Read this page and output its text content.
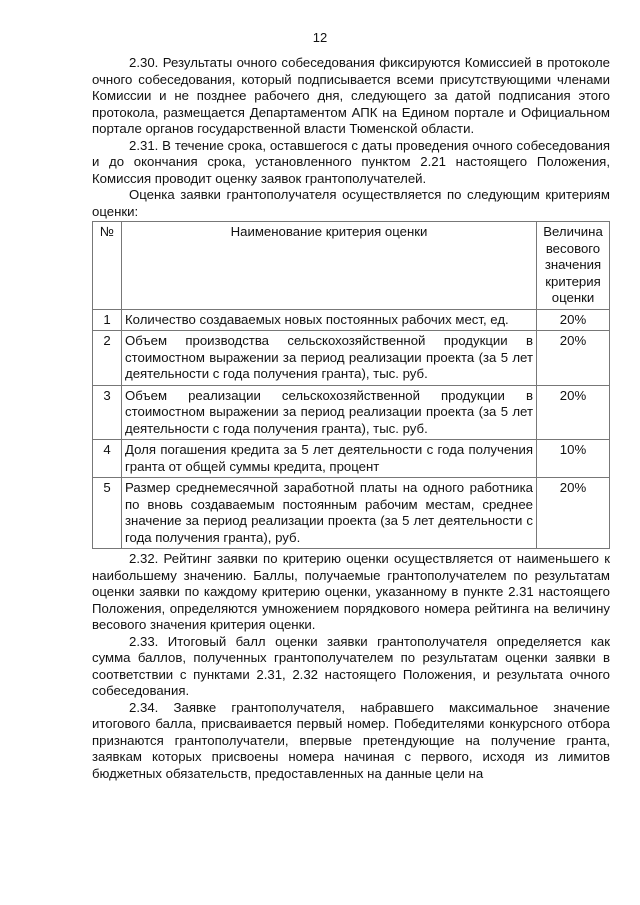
12

2.30. Результаты очного собеседования фиксируются Комиссией в протоколе очного собеседования, который подписывается всеми присутствующими членами Комиссии и не позднее рабочего дня, следующего за датой подписания этого протокола, размещается Департаментом АПК на Едином портале и Официальном портале органов государственной власти Тюменской области.

2.31. В течение срока, оставшегося с даты проведения очного собеседования и до окончания срока, установленного пунктом 2.21 настоящего Положения, Комиссия проводит оценку заявок грантополучателей.

Оценка заявки грантополучателя осуществляется по следующим критериям оценки:

№	Наименование критерия оценки	Величина весового значения критерия оценки
1	Количество создаваемых новых постоянных рабочих мест, ед.	20%
2	Объем производства сельскохозяйственной продукции в стоимостном выражении за период реализации проекта (за 5 лет деятельности с года получения гранта), тыс. руб.	20%
3	Объем реализации сельскохозяйственной продукции в стоимостном выражении за период реализации проекта (за 5 лет деятельности с года получения гранта), тыс. руб.	20%
4	Доля погашения кредита за 5 лет деятельности с года получения гранта от общей суммы кредита, процент	10%
5	Размер среднемесячной заработной платы на одного работника по вновь создаваемым постоянным рабочим местам, среднее значение за период реализации проекта (за 5 лет деятельности с года получения гранта), руб.	20%

2.32. Рейтинг заявки по критерию оценки осуществляется от наименьшего к наибольшему значению. Баллы, получаемые грантополучателем по результатам оценки заявки по каждому критерию оценки, указанному в пункте 2.31 настоящего Положения, определяются умножением порядкового номера рейтинга на величину весового значения критерия оценки.

2.33. Итоговый балл оценки заявки грантополучателя определяется как сумма баллов, полученных грантополучателем по результатам оценки заявки в соответствии с пунктами 2.31, 2.32 настоящего Положения, и результата очного собеседования.

2.34. Заявке грантополучателя, набравшего максимальное значение итогового балла, присваивается первый номер. Победителями конкурсного отбора признаются грантополучатели, впервые претендующие на получение гранта, заявкам которых присвоены номера начиная с первого, исходя из лимитов бюджетных обязательств, предоставленных на данные цели на
